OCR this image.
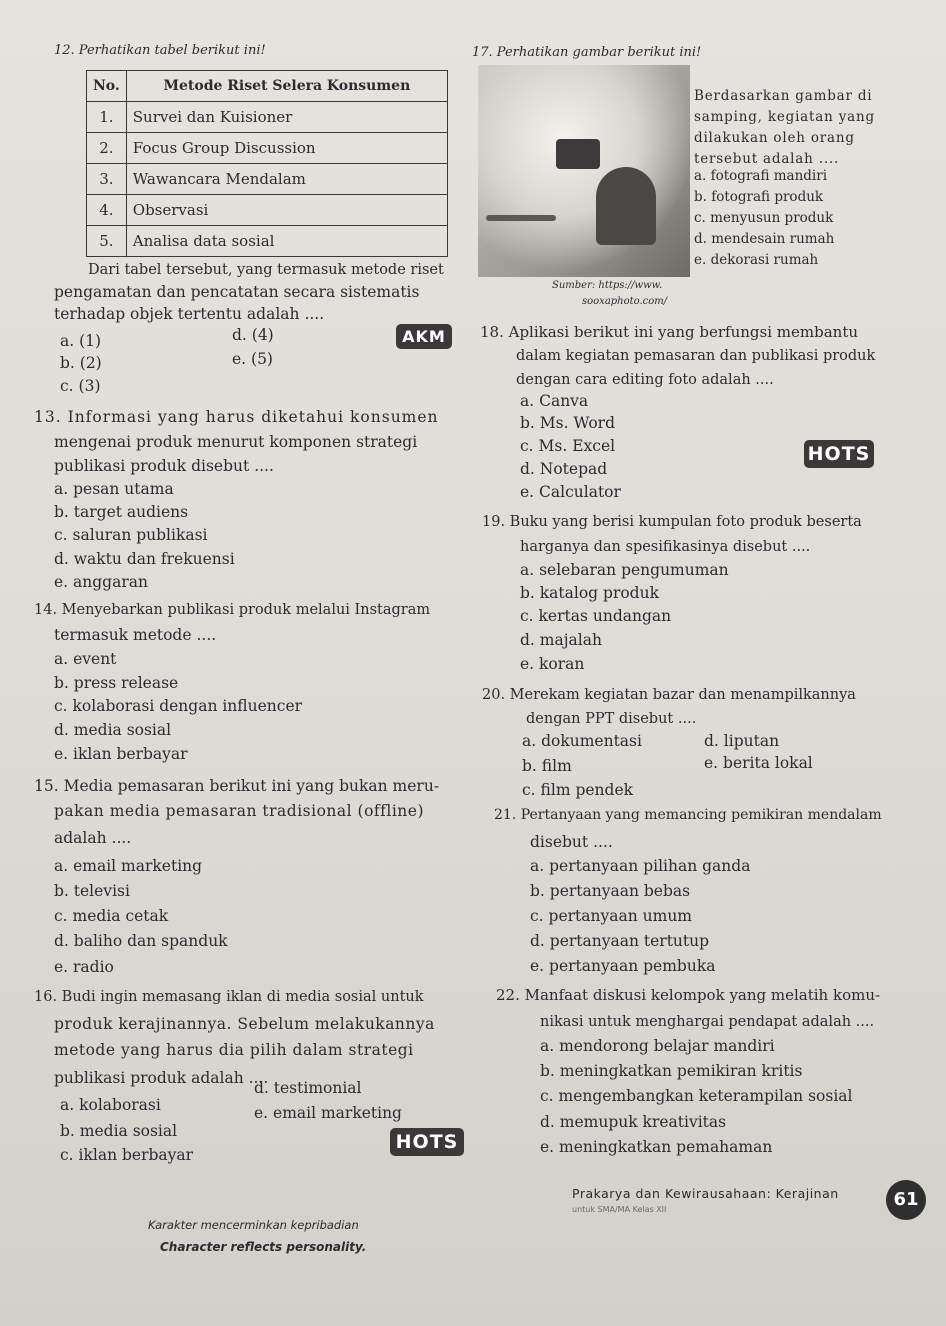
12. Perhatikan tabel berikut ini!
No.	Metode Riset Selera Konsumen
1.	Survei dan Kuisioner
2.	Focus Group Discussion
3.	Wawancara Mendalam
4.	Observasi
5.	Analisa data sosial
Dari tabel tersebut, yang termasuk metode riset
pengamatan dan pencatatan secara sistematis
terhadap objek tertentu adalah ....
a. (1)
b. (2)
c. (3)
d. (4)
e. (5)
AKM
13. Informasi yang harus diketahui konsumen
mengenai produk menurut komponen strategi
publikasi produk disebut ....
a. pesan utama
b. target audiens
c. saluran publikasi
d. waktu dan frekuensi
e. anggaran
14. Menyebarkan publikasi produk melalui Instagram
termasuk metode ....
a. event
b. press release
c. kolaborasi dengan influencer
d. media sosial
e. iklan berbayar
15. Media pemasaran berikut ini yang bukan meru-
pakan media pemasaran tradisional (offline)
adalah ....
a. email marketing
b. televisi
c. media cetak
d. baliho dan spanduk
e. radio
16. Budi ingin memasang iklan di media sosial untuk
produk kerajinannya. Sebelum melakukannya
metode yang harus dia pilih dalam strategi
publikasi produk adalah ....
a. kolaborasi
b. media sosial
c. iklan berbayar
d. testimonial
e. email marketing
HOTS
17. Perhatikan gambar berikut ini!
Berdasarkan gambar di
samping, kegiatan yang
dilakukan oleh orang
tersebut adalah ....
a. fotografi mandiri
b. fotografi produk
c. menyusun produk
d. mendesain rumah
e. dekorasi rumah
Sumber: https://www.
sooxaphoto.com/
18. Aplikasi berikut ini yang berfungsi membantu
dalam kegiatan pemasaran dan publikasi produk
dengan cara editing foto adalah ....
a. Canva
b. Ms. Word
c. Ms. Excel
d. Notepad
e. Calculator
HOTS
19. Buku yang berisi kumpulan foto produk beserta
harganya dan spesifikasinya disebut ....
a. selebaran pengumuman
b. katalog produk
c. kertas undangan
d. majalah
e. koran
20. Merekam kegiatan bazar dan menampilkannya
dengan PPT disebut ....
a. dokumentasi
b. film
c. film pendek
d. liputan
e. berita lokal
21. Pertanyaan yang memancing pemikiran mendalam
disebut ....
a. pertanyaan pilihan ganda
b. pertanyaan bebas
c. pertanyaan umum
d. pertanyaan tertutup
e. pertanyaan pembuka
22. Manfaat diskusi kelompok yang melatih komu-
nikasi untuk menghargai pendapat adalah ....
a. mendorong belajar mandiri
b. meningkatkan pemikiran kritis
c. mengembangkan keterampilan sosial
d. memupuk kreativitas
e. meningkatkan pemahaman
Karakter mencerminkan kepribadian
Character reflects personality.
Prakarya dan Kewirausahaan: Kerajinan
untuk SMA/MA Kelas XII	61
